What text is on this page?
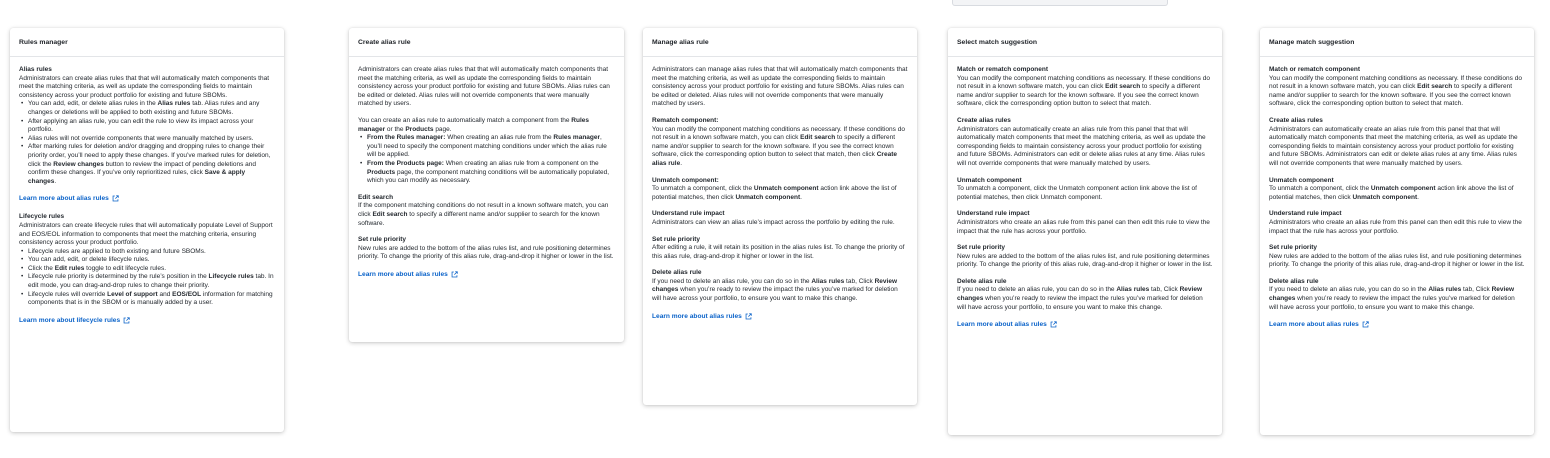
Rules manager
Alias rules

Administrators can create alias rules that that will automatically match components that meet the matching criteria, as well as update the corresponding fields to maintain consistency across your product portfolio for existing and future SBOMs.

• You can add, edit, or delete alias rules in the Alias rules tab. Alias rules and any changes or deletions will be applied to both existing and future SBOMs.
• After applying an alias rule, you can edit the rule to view its impact across your portfolio.
• Alias rules will not override components that were manually matched by users.
• After marking rules for deletion and/or dragging and dropping rules to change their priority order, you’ll need to apply these changes. If you’ve marked rules for deletion, click the Review changes button to review the impact of pending deletions and confirm these changes. If you’ve only reprioritized rules, click Save & apply changes.
Learn more about alias rules
Lifecycle rules

Administrators can create lifecycle rules that will automatically populate Level of Support and EOS/EOL information to components that meet the matching criteria, ensuring consistency across your product portfolio.

• Lifecycle rules are applied to both existing and future SBOMs.
• You can add, edit, or delete lifecycle rules.
• Click the Edit rules toggle to edit lifecycle rules.
• Lifecycle rule priority is determined by the rule’s position in the Lifecycle rules tab. In edit mode, you can drag-and-drop rules to change their priority.
• Lifecycle rules will override Level of support and EOS/EOL information for matching components that is in the SBOM or is manually added by a user.
Learn more about lifecycle rules
Create alias rule

Administrators can create alias rules that that will automatically match components that meet the matching criteria, as well as update the corresponding fields to maintain consistency across your product portfolio for existing and future SBOMs. Alias rules can be edited or deleted. Alias rules will not override components that were manually matched by users.

You can create an alias rule to automatically match a component from the Rules manager or the Products page.

• From the Rules manager: When creating an alias rule from the Rules manager, you’ll need to specify the component matching conditions under which the alias rule will be applied.
• From the Products page: When creating an alias rule from a component on the Products page, the component matching conditions will be automatically populated, which you can modify as necessary.
Edit search

If the component matching conditions do not result in a known software match, you can click Edit search to specify a different name and/or supplier to search for the known software.

Set rule priority

New rules are added to the bottom of the alias rules list, and rule positioning determines priority. To change the priority of this alias rule, drag-and-drop it higher or lower in the list.

Learn more about alias rules
Manage alias rule

Administrators can manage alias rules that that will automatically match components that meet the matching criteria, as well as update the corresponding fields to maintain consistency across your product portfolio for existing and future SBOMs. Alias rules can be edited or deleted. Alias rules will not override components that were manually matched by users.

Rematch component:

You can modify the component matching conditions as necessary. If these conditions do not result in a known software match, you can click Edit search to specify a different name and/or supplier to search for the known software. If you see the correct known software, click the corresponding option button to select that match, then click Create alias rule.

Unmatch component:

To unmatch a component, click the Unmatch component action link above the list of potential matches, then click Unmatch component.

Understand rule impact

Administrators can view an alias rule’s impact across the portfolio by editing the rule.

Set rule priority

After editing a rule, it will retain its position in the alias rules list. To change the priority of this alias rule, drag-and-drop it higher or lower in the list.

Delete alias rule

If you need to delete an alias rule, you can do so in the Alias rules tab, Click Review changes when you’re ready to review the impact the rules you’ve marked for deletion will have across your portfolio, to ensure you want to make this change.

Learn more about alias rules
Select match suggestion
Match or rematch component

You can modify the component matching conditions as necessary. If these conditions do not result in a known software match, you can click Edit search to specify a different name and/or supplier to search for the known software. If you see the correct known software, click the corresponding option button to select that match.

Create alias rules

Administrators can automatically create an alias rule from this panel that that will automatically match components that meet the matching criteria, as well as update the corresponding fields to maintain consistency across your product portfolio for existing and future SBOMs. Administrators can edit or delete alias rules at any time. Alias rules will not override components that were manually matched by users.

Unmatch component

To unmatch a component, click the Unmatch component action link above the list of potential matches, then click Unmatch component.

Understand rule impact

Administrators who create an alias rule from this panel can then edit this rule to view the impact that the rule has across your portfolio.

Set rule priority

New rules are added to the bottom of the alias rules list, and rule positioning determines priority. To change the priority of this alias rule, drag-and-drop it higher or lower in the list.

Delete alias rule

If you need to delete an alias rule, you can do so in the Alias rules tab, Click Review changes when you’re ready to review the impact the rules you’ve marked for deletion will have across your portfolio, to ensure you want to make this change.

Learn more about alias rules
Manage match suggestion
Match or rematch component

You can modify the component matching conditions as necessary. If these conditions do not result in a known software match, you can click Edit search to specify a different name and/or supplier to search for the known software. If you see the correct known software, click the corresponding option button to select that match.

Create alias rules

Administrators can automatically create an alias rule from this panel that that will automatically match components that meet the matching criteria, as well as update the corresponding fields to maintain consistency across your product portfolio for existing and future SBOMs. Administrators can edit or delete alias rules at any time. Alias rules will not override components that were manually matched by users.

Unmatch component

To unmatch a component, click the Unmatch component action link above the list of potential matches, then click Unmatch component.

Understand rule impact

Administrators who create an alias rule from this panel can then edit this rule to view the impact that the rule has across your portfolio.

Set rule priority

New rules are added to the bottom of the alias rules list, and rule positioning determines priority. To change the priority of this alias rule, drag-and-drop it higher or lower in the list.

Delete alias rule

If you need to delete an alias rule, you can do so in the Alias rules tab, Click Review changes when you’re ready to review the impact the rules you’ve marked for deletion will have across your portfolio, to ensure you want to make this change.

Learn more about alias rules
